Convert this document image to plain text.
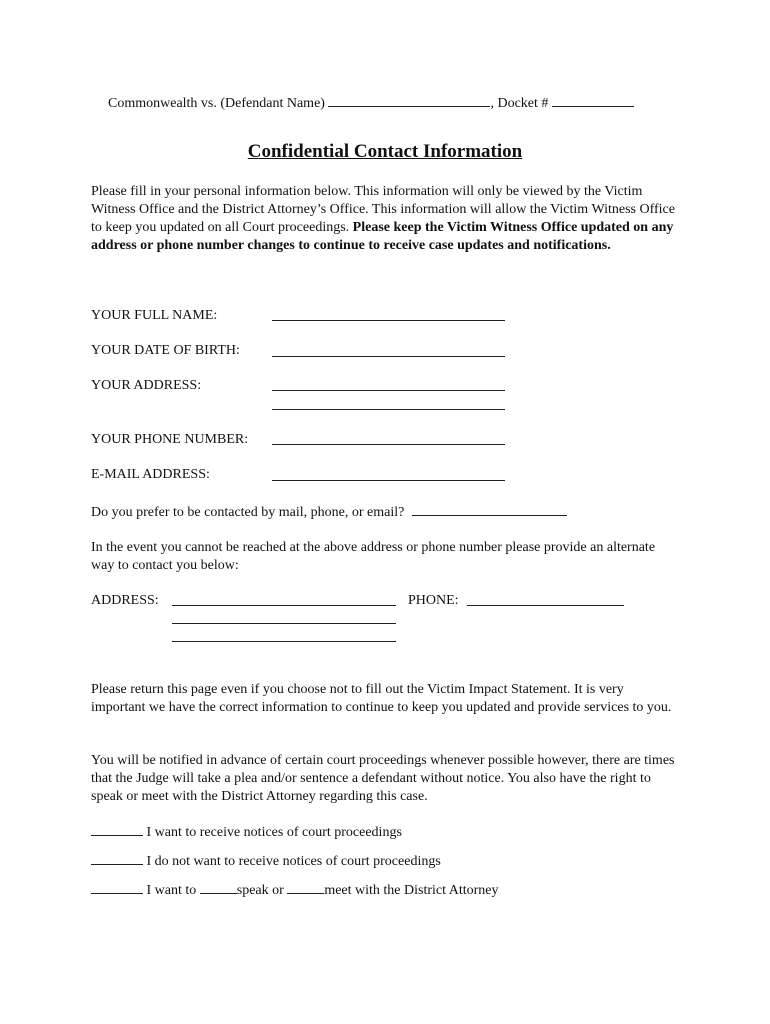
Commonwealth vs. (Defendant Name)	, Docket #
Confidential Contact Information
Please fill in your personal information below. This information will only be viewed by the Victim Witness Office and the District Attorney’s Office. This information will allow the Victim Witness Office to keep you updated on all Court proceedings. Please keep the Victim Witness Office updated on any address or phone number changes to continue to receive case updates and notifications.
YOUR FULL NAME:
YOUR DATE OF BIRTH:
YOUR ADDRESS:
YOUR PHONE NUMBER:
E-MAIL ADDRESS:
Do you prefer to be contacted by mail, phone, or email?
In the event you cannot be reached at the above address or phone number please provide an alternate way to contact you below:
ADDRESS:	PHONE:
Please return this page even if you choose not to fill out the Victim Impact Statement. It is very important we have the correct information to continue to keep you updated and provide services to you.
You will be notified in advance of certain court proceedings whenever possible however, there are times that the Judge will take a plea and/or sentence a defendant without notice. You also have the right to speak or meet with the District Attorney regarding this case.
I want to receive notices of court proceedings
I do not want to receive notices of court proceedings
I want to	speak or	meet with the District Attorney
